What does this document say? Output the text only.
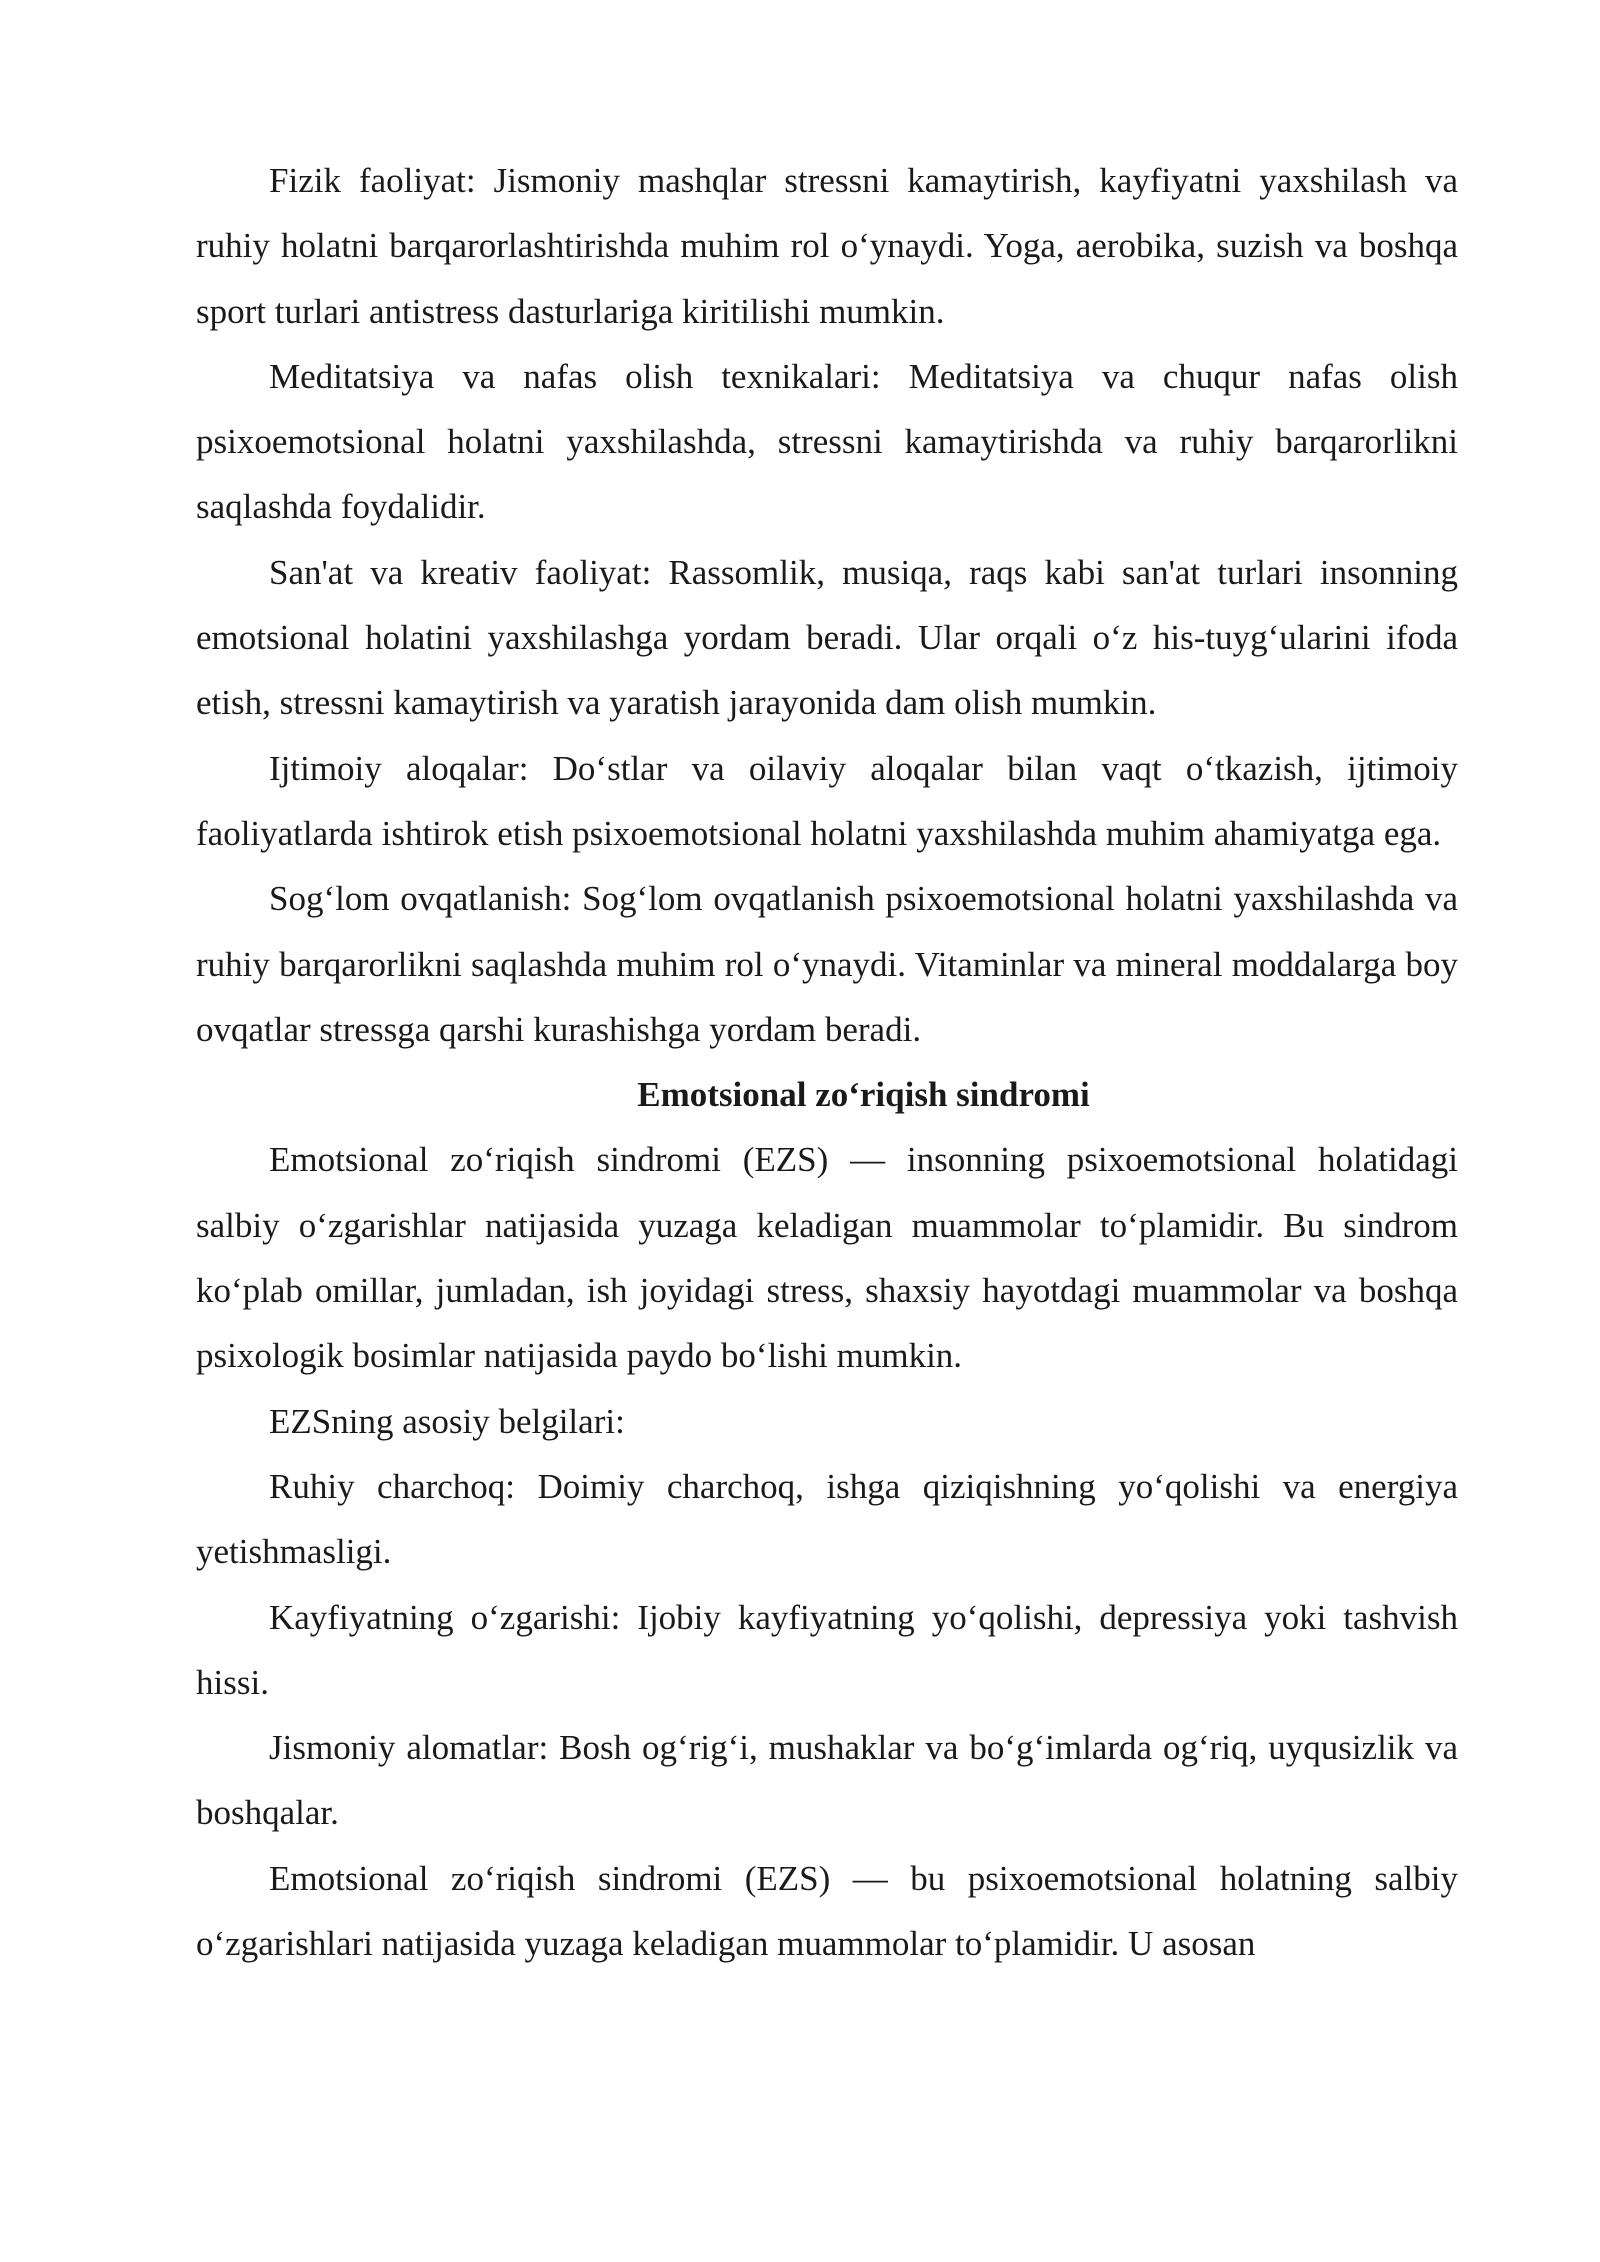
Fizik faoliyat: Jismoniy mashqlar stressni kamaytirish, kayfiyatni yaxshilash va ruhiy holatni barqarorlashtirishda muhim rol o‘ynaydi. Yoga, aerobika, suzish va boshqa sport turlari antistress dasturlariga kiritilishi mumkin.

Meditatsiya va nafas olish texnikalari: Meditatsiya va chuqur nafas olish psixoemotsional holatni yaxshilashda, stressni kamaytirishda va ruhiy barqarorlikni saqlashda foydalidir.

San'at va kreativ faoliyat: Rassomlik, musiqa, raqs kabi san'at turlari insonning emotsional holatini yaxshilashga yordam beradi. Ular orqali o‘z his-tuyg‘ularini ifoda etish, stressni kamaytirish va yaratish jarayonida dam olish mumkin.

Ijtimoiy aloqalar: Do‘stlar va oilaviy aloqalar bilan vaqt o‘tkazish, ijtimoiy faoliyatlarda ishtirok etish psixoemotsional holatni yaxshilashda muhim ahamiyatga ega.

Sog‘lom ovqatlanish: Sog‘lom ovqatlanish psixoemotsional holatni yaxshilashda va ruhiy barqarorlikni saqlashda muhim rol o‘ynaydi. Vitaminlar va mineral moddalarga boy ovqatlar stressga qarshi kurashishga yordam beradi.

Emotsional zo‘riqish sindromi

Emotsional zo‘riqish sindromi (EZS) — insonning psixoemotsional holatidagi salbiy o‘zgarishlar natijasida yuzaga keladigan muammolar to‘plamidir. Bu sindrom ko‘plab omillar, jumladan, ish joyidagi stress, shaxsiy hayotdagi muammolar va boshqa psixologik bosimlar natijasida paydo bo‘lishi mumkin.

EZSning asosiy belgilari:

Ruhiy charchoq: Doimiy charchoq, ishga qiziqishning yo‘qolishi va energiya yetishmasligi.

Kayfiyatning o‘zgarishi: Ijobiy kayfiyatning yo‘qolishi, depressiya yoki tashvish hissi.

Jismoniy alomatlar: Bosh og‘rig‘i, mushaklar va bo‘g‘imlarda og‘riq, uyqusizlik va boshqalar.

Emotsional zo‘riqish sindromi (EZS) — bu psixoemotsional holatning salbiy o‘zgarishlari natijasida yuzaga keladigan muammolar to‘plamidir. U asosan
